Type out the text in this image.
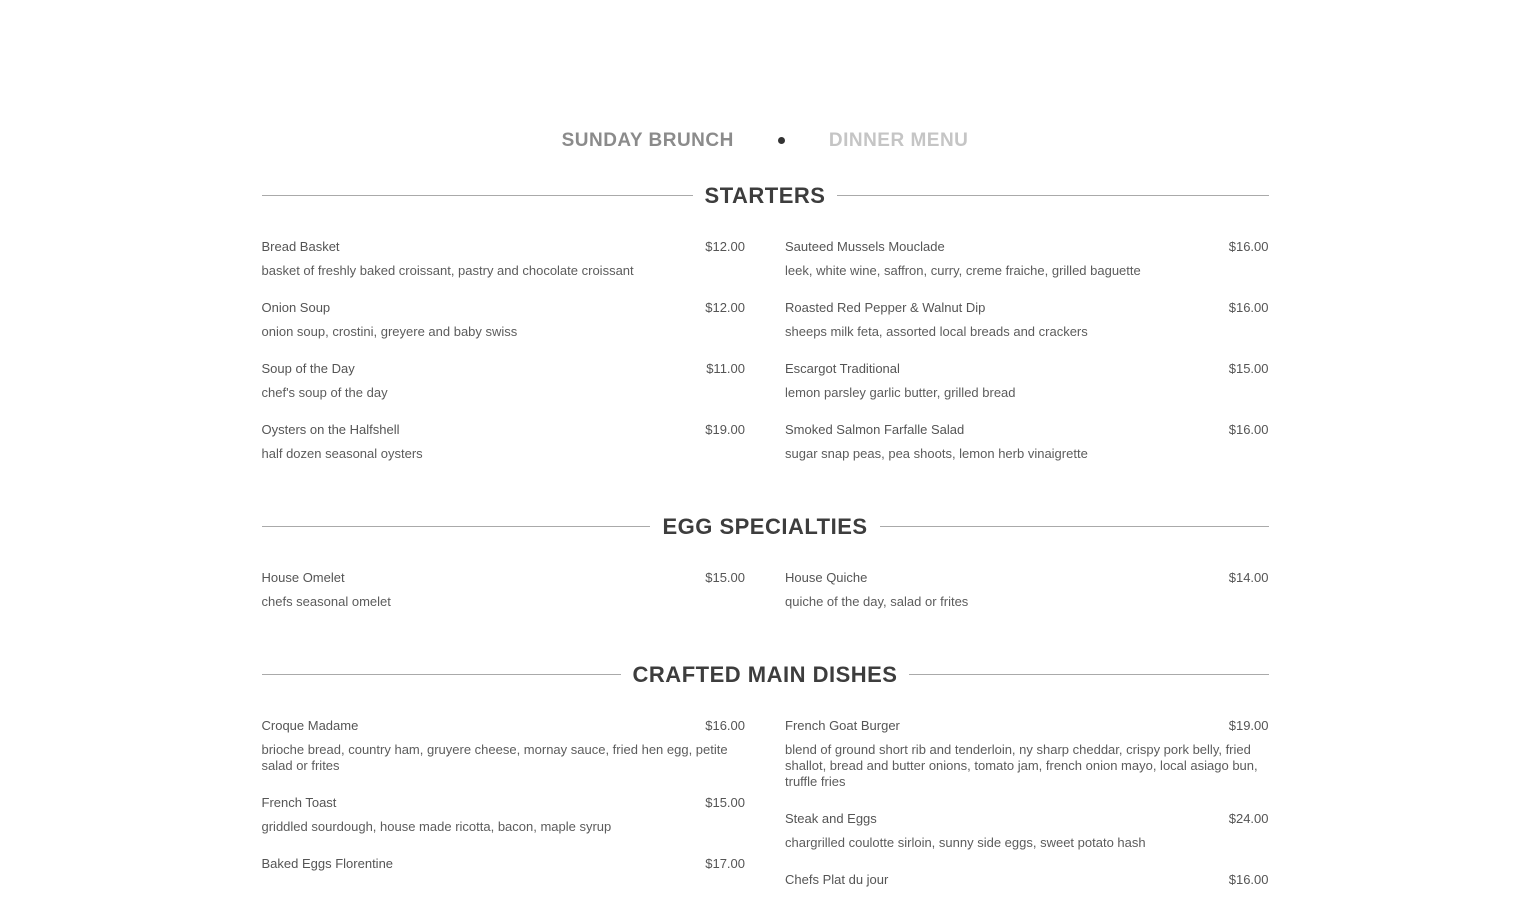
SUNDAY BRUNCH	DINNER MENU
STARTERS
Bread Basket	$12.00
basket of freshly baked croissant, pastry and chocolate croissant
Onion Soup	$12.00
onion soup, crostini, greyere and baby swiss
Soup of the Day	$11.00
chef's soup of the day
Oysters on the Halfshell	$19.00
half dozen seasonal oysters
Sauteed Mussels Mouclade	$16.00
leek, white wine, saffron, curry, creme fraiche, grilled baguette
Roasted Red Pepper & Walnut Dip	$16.00
sheeps milk feta, assorted local breads and crackers
Escargot Traditional	$15.00
lemon parsley garlic butter, grilled bread
Smoked Salmon Farfalle Salad	$16.00
sugar snap peas, pea shoots, lemon herb vinaigrette
EGG SPECIALTIES
House Omelet	$15.00
chefs seasonal omelet
House Quiche	$14.00
quiche of the day, salad or frites
CRAFTED MAIN DISHES
Croque Madame	$16.00
brioche bread, country ham, gruyere cheese, mornay sauce, fried hen egg, petite salad or frites
French Toast	$15.00
griddled sourdough, house made ricotta, bacon, maple syrup
Baked Eggs Florentine	$17.00
French Goat Burger	$19.00
blend of ground short rib and tenderloin, ny sharp cheddar, crispy pork belly, fried shallot, bread and butter onions, tomato jam, french onion mayo, local asiago bun, truffle fries
Steak and Eggs	$24.00
chargrilled coulotte sirloin, sunny side eggs, sweet potato hash
Chefs Plat du jour	$16.00
